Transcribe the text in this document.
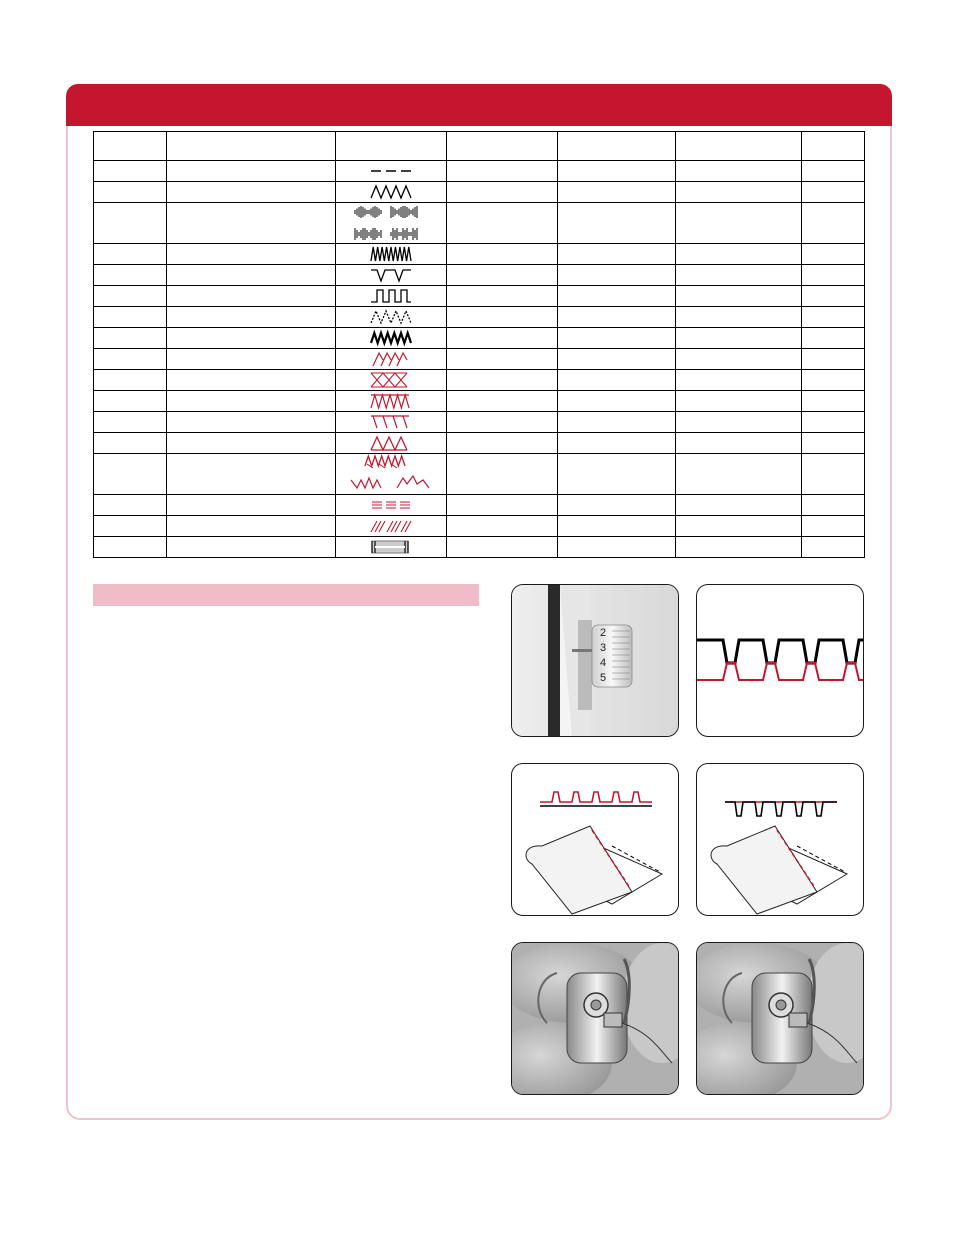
2
3
4
5
